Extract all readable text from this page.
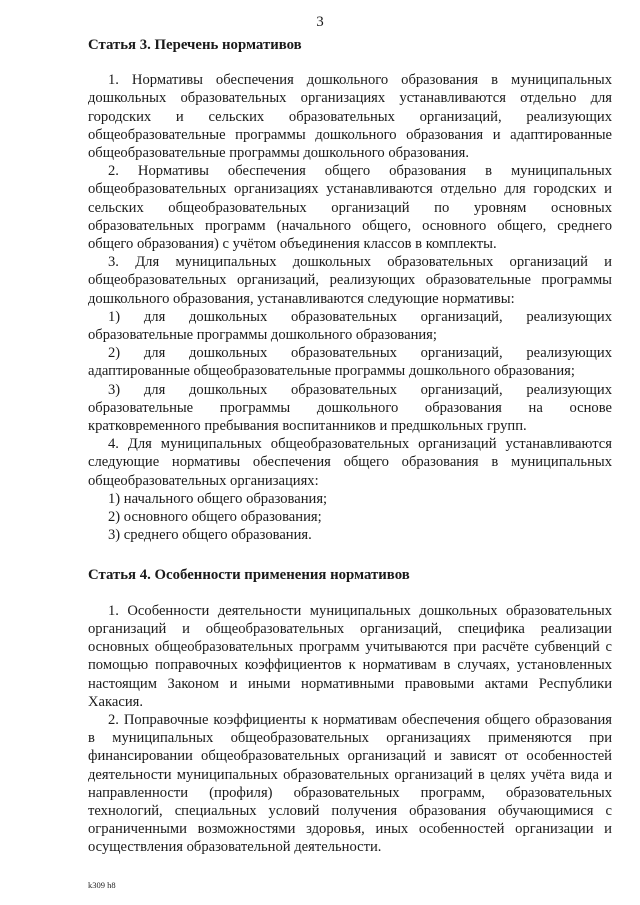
3
Статья 3. Перечень нормативов

1. Нормативы обеспечения дошкольного образования в муниципальных дошкольных образовательных организациях устанавливаются отдельно для городских и сельских образовательных организаций, реализующих общеобразовательные программы дошкольного образования и адаптированные общеобразовательные программы дошкольного образования.

2. Нормативы обеспечения общего образования в муниципальных общеобразовательных организациях устанавливаются отдельно для городских и сельских общеобразовательных организаций по уровням основных образовательных программ (начального общего, основного общего, среднего общего образования) с учётом объединения классов в комплекты.

3. Для муниципальных дошкольных образовательных организаций и общеобразовательных организаций, реализующих образовательные программы дошкольного образования, устанавливаются следующие нормативы:

1) для дошкольных образовательных организаций, реализующих образовательные программы дошкольного образования;

2) для дошкольных образовательных организаций, реализующих адаптированные общеобразовательные программы дошкольного образования;

3) для дошкольных образовательных организаций, реализующих образовательные программы дошкольного образования на основе кратковременного пребывания воспитанников и предшкольных групп.

4. Для муниципальных общеобразовательных организаций устанавливаются следующие нормативы обеспечения общего образования в муниципальных общеобразовательных организациях:

1) начального общего образования;

2) основного общего образования;

3) среднего общего образования.

Статья 4. Особенности применения нормативов

1. Особенности деятельности муниципальных дошкольных образовательных организаций и общеобразовательных организаций, специфика реализации основных общеобразовательных программ учитываются при расчёте субвенций с помощью поправочных коэффициентов к нормативам в случаях, установленных настоящим Законом и иными нормативными правовыми актами Республики Хакасия.

2. Поправочные коэффициенты к нормативам обеспечения общего образования в муниципальных общеобразовательных организациях применяются при финансировании общеобразовательных организаций и зависят от особенностей деятельности муниципальных образовательных организаций в целях учёта вида и направленности (профиля) образовательных программ, образовательных технологий, специальных условий получения образования обучающимися с ограниченными возможностями здоровья, иных особенностей организации и осуществления образовательной деятельности.

k309 h8
